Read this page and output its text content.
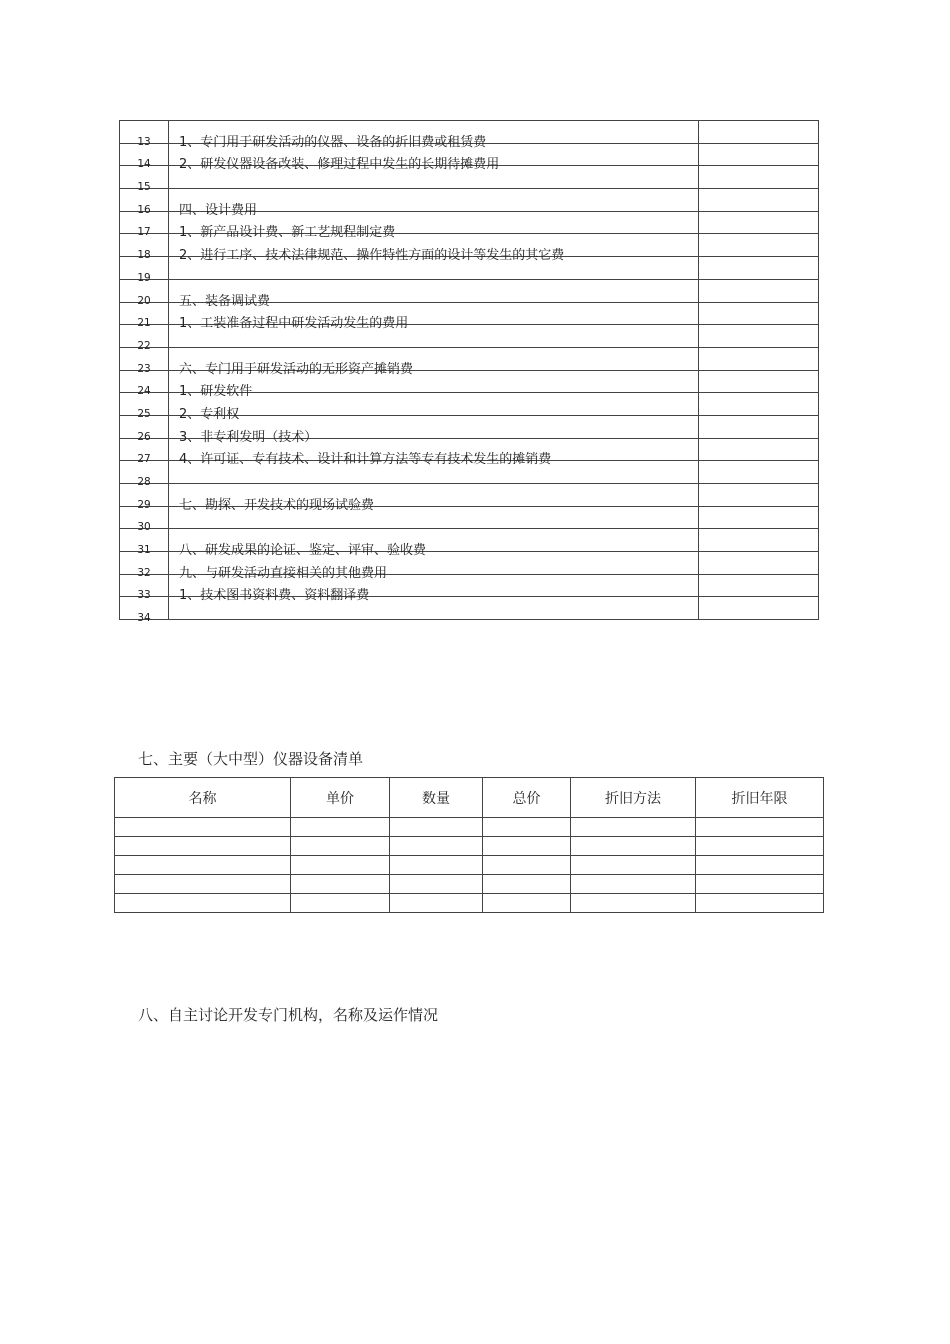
13	1、专门用于研发活动的仪器、设备的折旧费或租赁费	

14	2、研发仪器设备改装、修理过程中发生的长期待摊费用	

15		

16	四、设计费用	

17	1、新产品设计费、新工艺规程制定费	

18	2、进行工序、技术法律规范、操作特性方面的设计等发生的其它费	

19		

20	五、装备调试费	

21	1、工装准备过程中研发活动发生的费用	

22		

23	六、专门用于研发活动的无形资产摊销费	

24	1、研发软件	

25	2、专利权	

26	3、非专利发明（技术）	

27	4、许可证、专有技术、设计和计算方法等专有技术发生的摊销费	

28		

29	七、勘探、开发技术的现场试验费	

30		

31	八、研发成果的论证、鉴定、评审、验收费	

32	九、与研发活动直接相关的其他费用	

33	1、技术图书资料费、资料翻译费	

34		

七、主要（大中型）仪器设备清单
名称	单价	数量	总价	折旧方法	折旧年限

八、自主讨论开发专门机构，名称及运作情况
